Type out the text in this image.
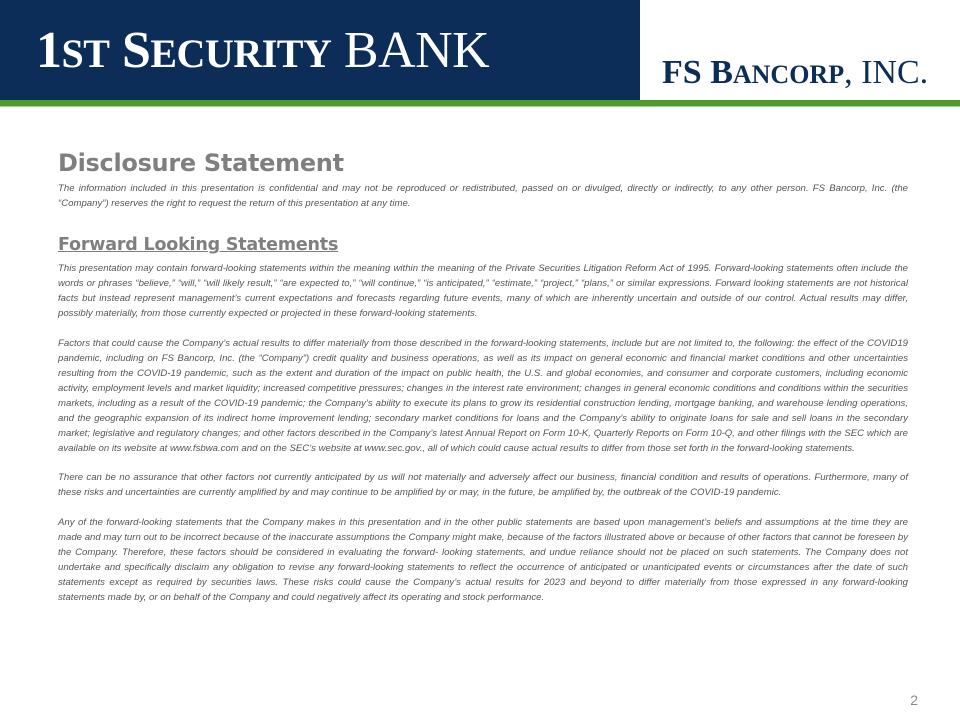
1ST SECURITY BANK	FS BANCORP, INC.
Disclosure Statement

The information included in this presentation is confidential and may not be reproduced or redistributed, passed on or divulged, directly or indirectly, to any other person. FS Bancorp, Inc. (the “Company”) reserves the right to request the return of this presentation at any time.

Forward Looking Statements

This presentation may contain forward-looking statements within the meaning within the meaning of the Private Securities Litigation Reform Act of 1995. Forward-looking statements often include the words or phrases “believe,” “will,” “will likely result,” “are expected to,” “will continue,” “is anticipated,” “estimate,” “project,” “plans,” or similar expressions. Forward looking statements are not historical facts but instead represent management’s current expectations and forecasts regarding future events, many of which are inherently uncertain and outside of our control. Actual results may differ, possibly materially, from those currently expected or projected in these forward-looking statements.

Factors that could cause the Company’s actual results to differ materially from those described in the forward-looking statements, include but are not limited to, the following: the effect of the COVID19 pandemic, including on FS Bancorp, Inc. (the “Company”) credit quality and business operations, as well as its impact on general economic and financial market conditions and other uncertainties resulting from the COVID-19 pandemic, such as the extent and duration of the impact on public health, the U.S. and global economies, and consumer and corporate customers, including economic activity, employment levels and market liquidity; increased competitive pressures; changes in the interest rate environment; changes in general economic conditions and conditions within the securities markets, including as a result of the COVID-19 pandemic; the Company’s ability to execute its plans to grow its residential construction lending, mortgage banking, and warehouse lending operations, and the geographic expansion of its indirect home improvement lending; secondary market conditions for loans and the Company’s ability to originate loans for sale and sell loans in the secondary market; legislative and regulatory changes; and other factors described in the Company’s latest Annual Report on Form 10-K, Quarterly Reports on Form 10-Q, and other filings with the SEC which are available on its website at www.fsbwa.com and on the SEC’s website at www.sec.gov., all of which could cause actual results to differ from those set forth in the forward-looking statements.

There can be no assurance that other factors not currently anticipated by us will not materially and adversely affect our business, financial condition and results of operations. Furthermore, many of these risks and uncertainties are currently amplified by and may continue to be amplified by or may, in the future, be amplified by, the outbreak of the COVID-19 pandemic.

Any of the forward-looking statements that the Company makes in this presentation and in the other public statements are based upon management’s beliefs and assumptions at the time they are made and may turn out to be incorrect because of the inaccurate assumptions the Company might make, because of the factors illustrated above or because of other factors that cannot be foreseen by the Company. Therefore, these factors should be considered in evaluating the forward- looking statements, and undue reliance should not be placed on such statements. The Company does not undertake and specifically disclaim any obligation to revise any forward-looking statements to reflect the occurrence of anticipated or unanticipated events or circumstances after the date of such statements except as required by securities laws. These risks could cause the Company’s actual results for 2023 and beyond to differ materially from those expressed in any forward-looking statements made by, or on behalf of the Company and could negatively affect its operating and stock performance.

2
